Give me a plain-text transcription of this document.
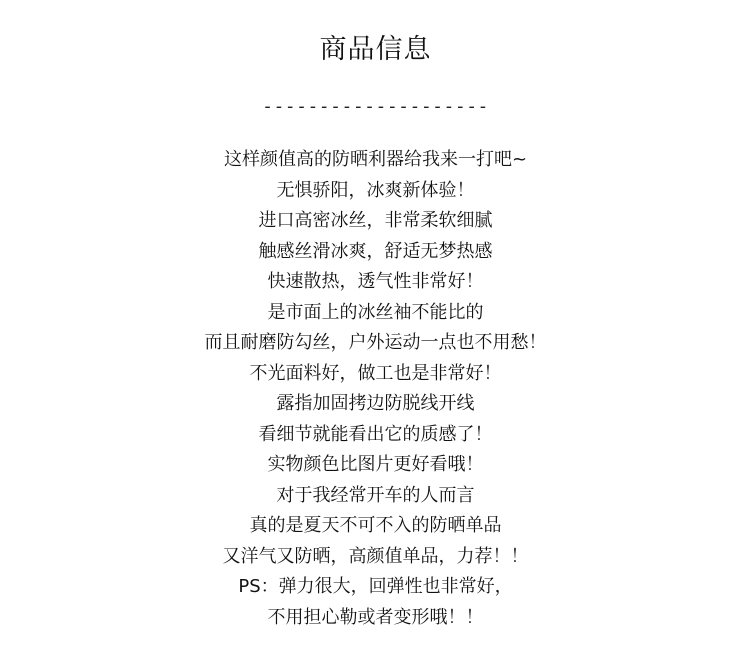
商品信息
--------------------
这样颜值高的防晒利器给我来一打吧~
无惧骄阳，冰爽新体验！
进口高密冰丝，非常柔软细腻
触感丝滑冰爽，舒适无梦热感
快速散热，透气性非常好！
是市面上的冰丝袖不能比的
而且耐磨防勾丝，户外运动一点也不用愁！
不光面料好，做工也是非常好！
露指加固拷边防脱线开线
看细节就能看出它的质感了！
实物颜色比图片更好看哦！
对于我经常开车的人而言
真的是夏天不可不入的防晒单品
又洋气又防晒，高颜值单品，力荐！！
PS：弹力很大，回弹性也非常好，
不用担心勒或者变形哦！！
